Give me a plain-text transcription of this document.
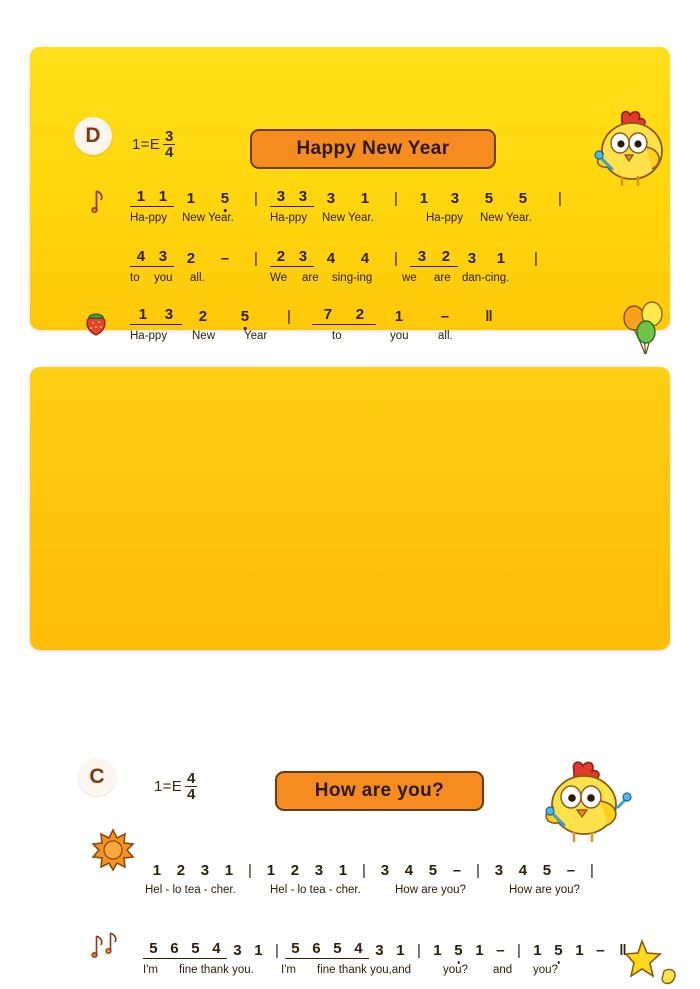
D	$1=E \frac{3}{4}$	Happy New Year
1 1	1	5	|	3 3	3	1	|	1	3	5	5	|
Ha-ppy	New Year.	Ha-ppy	New Year.	Ha-ppy	New Year.
4 3	2	–	|	2 3	4	4	|	3	2	3	1	|
to	you	all.	We	are	sing-ing	we	are dan-cing.
1	3	2	5	|	7	2	1	–	‖
Ha-ppy	New	Year	to	you	all.
C	$1=E \frac{4}{4}$	How are you?
1	2	3	1 | 1	2	3	1 | 3	4	5	– | 3	4	5	– |
Hel - lo tea - cher.	Hel - lo tea - cher.	How are you?	How are you?
5 6 5 4 3 1 | 5 6 5 4 3 1 | 1 5 1 – | 1 5 1 – ‖
I'm	fine thank you.	I'm	fine thank you,and	you?	and	you?
